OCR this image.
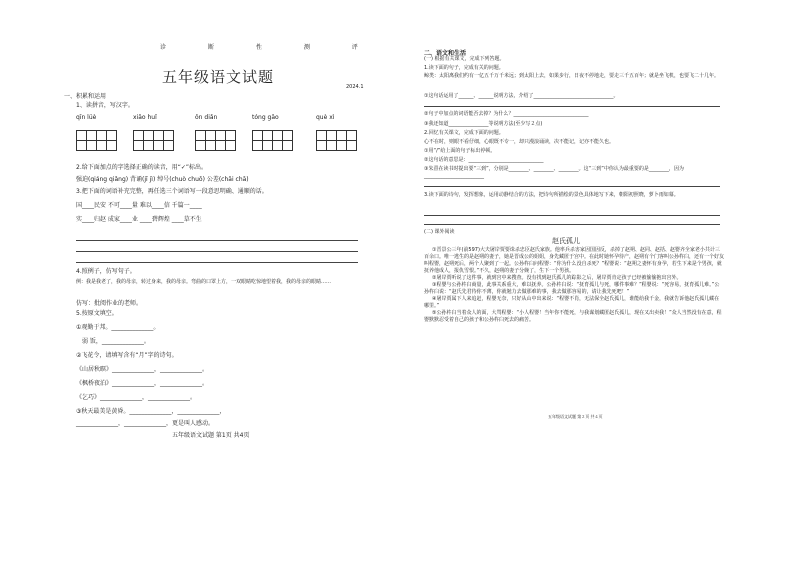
诊	断	性	测	评
五年级语文试题
2024.1
一、积累和运用
1、读拼音，写汉字。
qīn lüè	xiāo huǐ	ǒn diǎn	tóng gāo	què xì
2.给下面加点的字选择正确的读音，用“✓”标出。
强迫(qiáng qiǎng) 背诵(jī jì) 绰号(chuò chuō) 公差(chāi chā)
3.把下面的词语补充完整，再任选三个词语写一段意思明确、通顺的话。
国____民安 不可____量 难以____信 千篇一____
实____归赵 成家____业 ____碧辉煌 ____草不生
4.照例子，仿写句子。
例：我是我老了，我的母亲，转过身来，我的母亲。弯曲的口罩上方，一双眼睛吃惊地望着我，我的母亲的眼睛……
仿写：批阅作业的老师。
5.按原文填空。
①观勤于邦。______________。
弱 饭，______________。
②飞花令，请填写含有“月”字的诗句。
《山居秋暝》______________，______________。
《枫桥夜泊》______________，______________。
《乞巧》______________，______________。
③秋天最美是黄昏。______________，______________，
______________，______________，更是叫人感动。
五年级语文试题 第1页 共4页
二、语文和生活
(一) 根据有关课文，完成下列答题。
1.读下面的句子，完成有关的问题。
鲸类：太阳离我们约有一亿五千万千米远；到太阳上去，如果步行，日夜不停地走，要走三千五百年；就是坐飞机，也要飞二十几年。
①这句话运用了______、______说明方法，介绍了________________________________。
②句子中加点的词语能否去掉？为什么？______________________________
③我还知道________________等说明方法(至少写２点)
2.回忆有关课文，完成下面的问题。
心不在时，则眼不看仔细，心眼既不专一，却只漫浪诵读，决不能记，记亦不能久也。
①用“/”给上面的句子标出停顿。
②这句话的意思是：______________________________
③朱熹在读书时提出要“三到”，分别是________、________、________。这“三到”中你认为最重要的是________，因为________________________
3.读下面的诗句，发挥想象，运用动静结合的方法，把诗句所描绘的景色具体地写下来，朝阳初照晓，萝卜雨如幕。
(二) 课外阅读
赵氏孤儿
①晋景公三年(前597)大夫屠岸贾要诛杀忠臣赵氏家族。他率兵杀害家因国因反，杀掉了赵朔、赵同、赵括、赵婴齐全家老小共计三百余口。唯一逃生的是赵朔的妻子，她是晋成公的姐姐，身先藏匿于宫中。在此时她怀孕待产，赵朔有个门客叫公孙杵臼，还有一个好友叫程婴，赵朔死后，两个人聚到了一起。公孙杵臼问程婴：“你为什么没自杀死？”程婴说：“赵朔之妻怀有身孕，若生下来是个男孩，就抚养他成人，报仇雪恨。”不久，赵朔的妻子分娩了，生下一个男孩。
②屠岸贾听说了这件事，就到宫中来搜查。没有找到赵氏孤儿的踪影之后，屠岸贾肯定孩子已经被偷偷抱出宫外。
③程婴与公孙杵臼商量，此事关系重大，难以抚养。公孙杵臼说：“抚育孤儿与死，哪件事难？”程婴说：“死容易，抚育孤儿难。”公孙杵臼说：“赵氏先君待你不薄，你就勉力去做那难的事，我去做那容易的，请让我先死吧！”
④屠岸贾属下人来追赶，程婴无奈，只好从山中出来说：“程婴不肖，无法保全赵氏孤儿，谁能给我千金，我就告诉他赵氏孤儿藏在哪里。”
⑤公孙杵臼当着众人的面，大骂程婴：“小人程婴！当年你不能死，与我谋划藏匿赵氏孤儿，现在又出卖我！”众人当然没有在意，程婴默默忍受着自己的孩子和公孙杵臼死去的痛苦。
五年级语文试题 第２页 共４页
